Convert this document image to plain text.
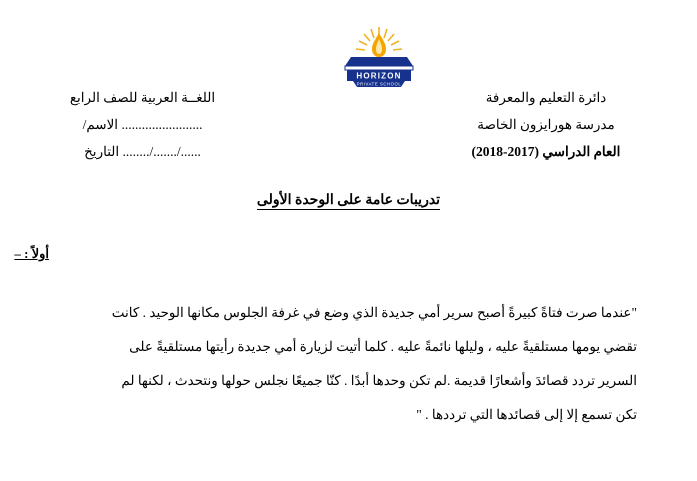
HORIZON
PRIVATE SCHOOL
دائرة التعليم والمعرفة
مدرسة هورايزون الخاصة
العام الدراسي (2017-2018)
اللغــة العربية للصف الرابع
........................ الاسم/
....../......./........ التاريخ
تدريبات عامة على الوحدة الأولى
أولاً : –

"عندما صرت فتاةً كبيرةً أصبح سرير أمي جديدة الذي وضع في غرفة الجلوس مكانها الوحيد . كانت
تقضي يومها مستلقيةً عليه ، وليلها نائمةً عليه . كلما أتيت لزيارة أمي جديدة رأيتها مستلقيةً على
السرير تردد قصائدَ وأشعارًا قديمة .لم تكن وحدها أبدًا . كنّا جميعًا نجلس حولها ونتحدث ، لكنها لم
تكن تسمع إلا إلى قصائدها التي ترددها . "
